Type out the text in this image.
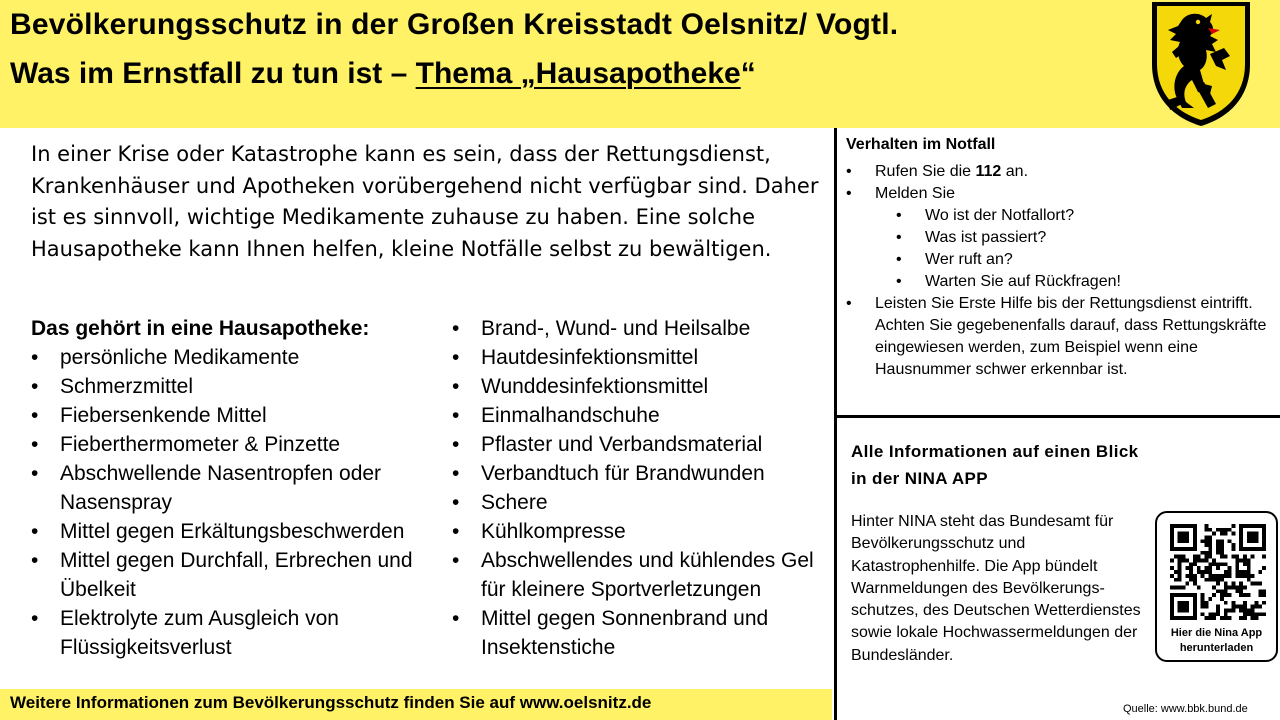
Bevölkerungsschutz in der Großen Kreisstadt Oelsnitz/ Vogtl.
Was im Ernstfall zu tun ist – Thema „Hausapotheke“

In einer Krise oder Katastrophe kann es sein, dass der Rettungsdienst, Krankenhäuser und Apotheken vorübergehend nicht verfügbar sind. Daher ist es sinnvoll, wichtige Medikamente zuhause zu haben. Eine solche Hausapotheke kann Ihnen helfen, kleine Notfälle selbst zu bewältigen.

Das gehört in eine Hausapotheke:
• persönliche Medikamente
• Schmerzmittel
• Fiebersenkende Mittel
• Fieberthermometer & Pinzette
• Abschwellende Nasentropfen oder Nasenspray
• Mittel gegen Erkältungsbeschwerden
• Mittel gegen Durchfall, Erbrechen und Übelkeit
• Elektrolyte zum Ausgleich von Flüssigkeitsverlust
• Brand-, Wund- und Heilsalbe
• Hautdesinfektionsmittel
• Wunddesinfektionsmittel
• Einmalhandschuhe
• Pflaster und Verbandsmaterial
• Verbandtuch für Brandwunden
• Schere
• Kühlkompresse
• Abschwellendes und kühlendes Gel für kleinere Sportverletzungen
• Mittel gegen Sonnenbrand und Insektenstiche
Weitere Informationen zum Bevölkerungsschutz finden Sie auf www.oelsnitz.de
Verhalten im Notfall
• Rufen Sie die 112 an.
• Melden Sie
• Wo ist der Notfallort?
• Was ist passiert?
• Wer ruft an?
• Warten Sie auf Rückfragen!
• Leisten Sie Erste Hilfe bis der Rettungsdienst eintrifft. Achten Sie gegebenenfalls darauf, dass Rettungskräfte eingewiesen werden, zum Beispiel wenn eine Hausnummer schwer erkennbar ist.
Alle Informationen auf einen Blick in der NINA APP

Hinter NINA steht das Bundesamt für Bevölkerungsschutz und Katastrophenhilfe. Die App bündelt Warnmeldungen des Bevölkerungs-schutzes, des Deutschen Wetterdienstes sowie lokale Hochwassermeldungen der Bundesländer.

Hier die Nina App herunterladen
Quelle: www.bbk.bund.de
